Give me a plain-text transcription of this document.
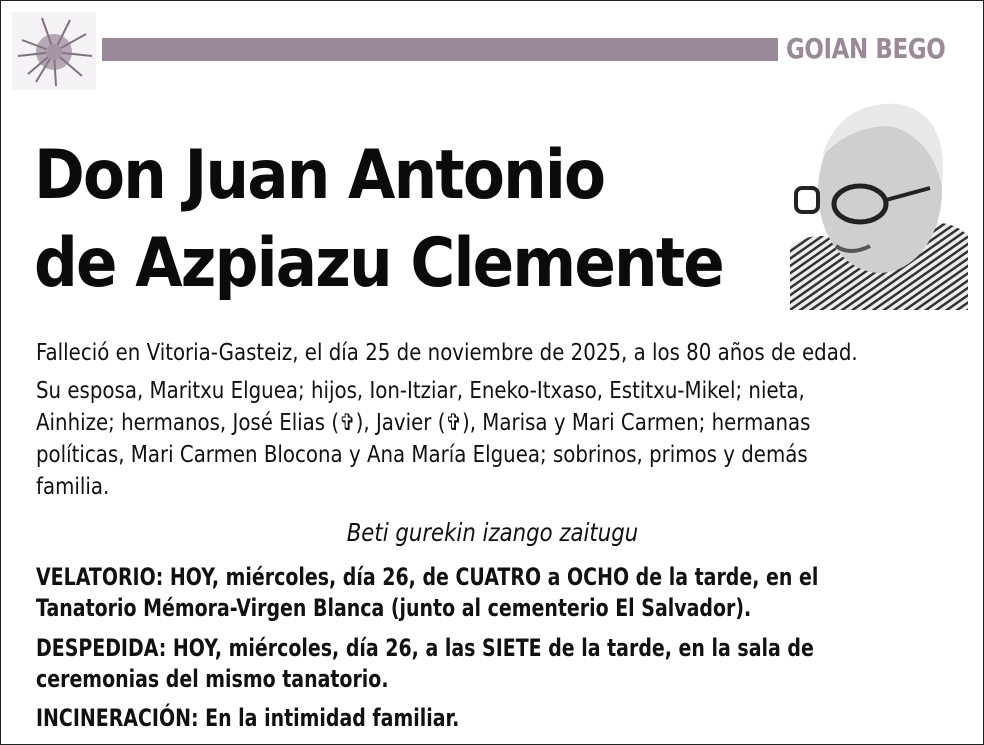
GOIAN BEGO
Don Juan Antonio
de Azpiazu Clemente
Falleció en Vitoria-Gasteiz, el día 25 de noviembre de 2025, a los 80 años de edad.
Su esposa, Maritxu Elguea; hijos, Ion-Itziar, Eneko-Itxaso, Estitxu-Mikel; nieta,
Ainhize; hermanos, José Elias (✞), Javier (✞), Marisa y Mari Carmen; hermanas
políticas, Mari Carmen Blocona y Ana María Elguea; sobrinos, primos y demás
familia.
Beti gurekin izango zaitugu
VELATORIO: HOY, miércoles, día 26, de CUATRO a OCHO de la tarde, en el
Tanatorio Mémora-Virgen Blanca (junto al cementerio El Salvador).
DESPEDIDA: HOY, miércoles, día 26, a las SIETE de la tarde, en la sala de
ceremonias del mismo tanatorio.
INCINERACIÓN: En la intimidad familiar.
